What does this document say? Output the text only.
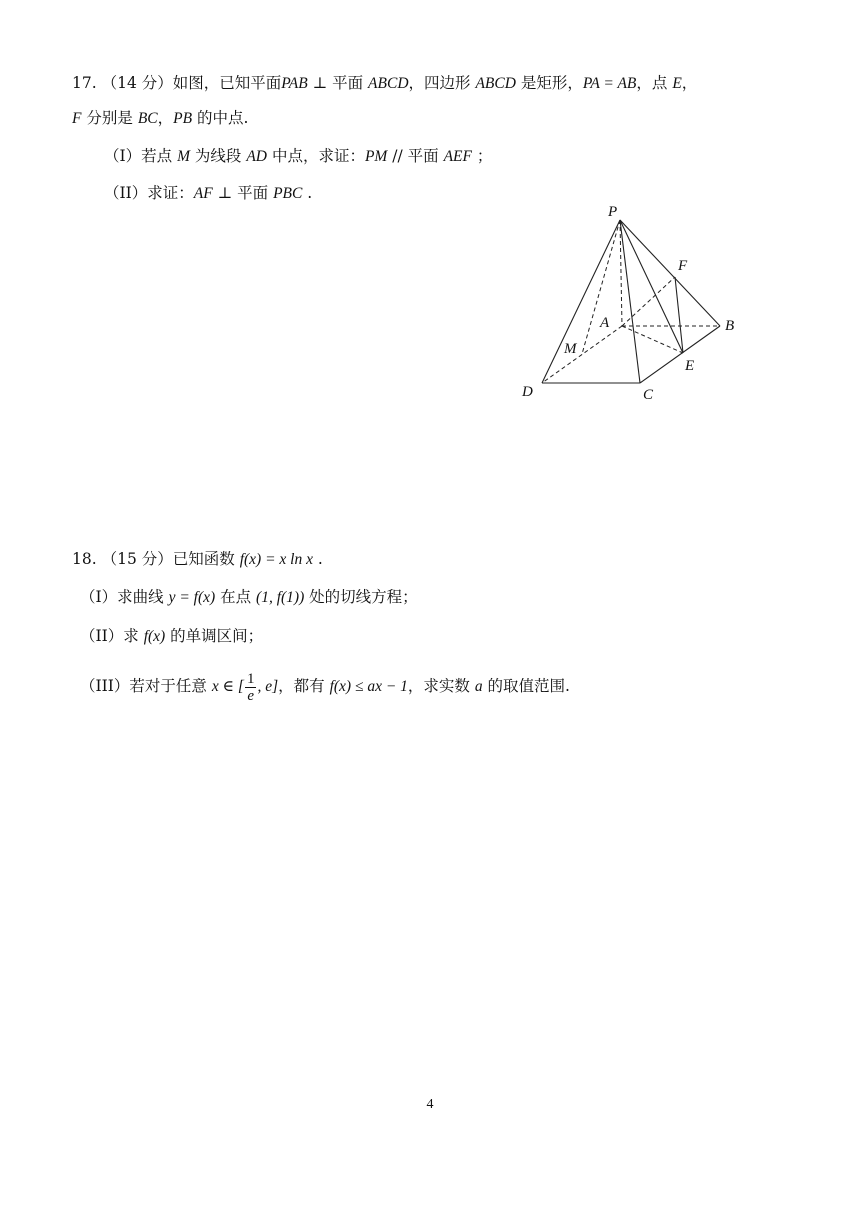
17. （14 分）如图，已知平面PAB ⊥ 平面 ABCD，四边形 ABCD 是矩形，PA = AB，点 E，
F 分别是 BC，PB 的中点.
（I）若点 M 为线段 AD 中点，求证：PM // 平面 AEF ；
（II）求证：AF ⊥ 平面 PBC .
P
F
A	B
M
E
D	C
18. （15 分）已知函数 f(x) = x ln x .
（I）求曲线 y = f(x) 在点 (1, f(1)) 处的切线方程；
（II）求 f(x) 的单调区间；
（III）若对于任意 x ∈ [ $\frac{1}{e}$ , e]，都有 f(x) ≤ ax − 1，求实数 a 的取值范围.
4
